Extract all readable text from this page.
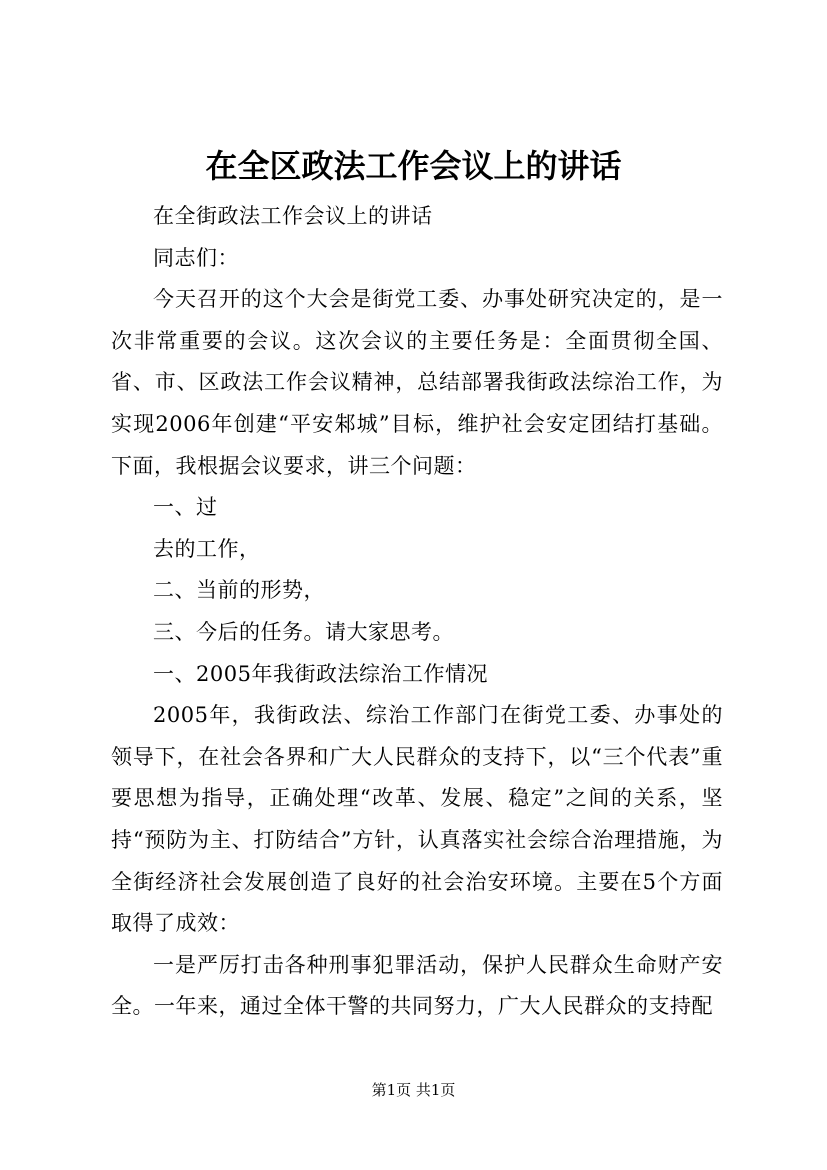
在全区政法工作会议上的讲话

在全街政法工作会议上的讲话

同志们：

今天召开的这个大会是街党工委、办事处研究决定的，是一次非常重要的会议。这次会议的主要任务是：全面贯彻全国、省、市、区政法工作会议精神，总结部署我街政法综治工作，为实现2006年创建“平安邾城”目标，维护社会安定团结打基础。下面，我根据会议要求，讲三个问题：

一、过

去的工作，

二、当前的形势，

三、今后的任务。请大家思考。

一、2005年我街政法综治工作情况

2005年，我街政法、综治工作部门在街党工委、办事处的领导下，在社会各界和广大人民群众的支持下，以“三个代表”重要思想为指导，正确处理“改革、发展、稳定”之间的关系，坚持“预防为主、打防结合”方针，认真落实社会综合治理措施，为全街经济社会发展创造了良好的社会治安环境。主要在5个方面取得了成效：

一是严厉打击各种刑事犯罪活动，保护人民群众生命财产安全。一年来，通过全体干警的共同努力，广大人民群众的支持配

第1页 共1页
